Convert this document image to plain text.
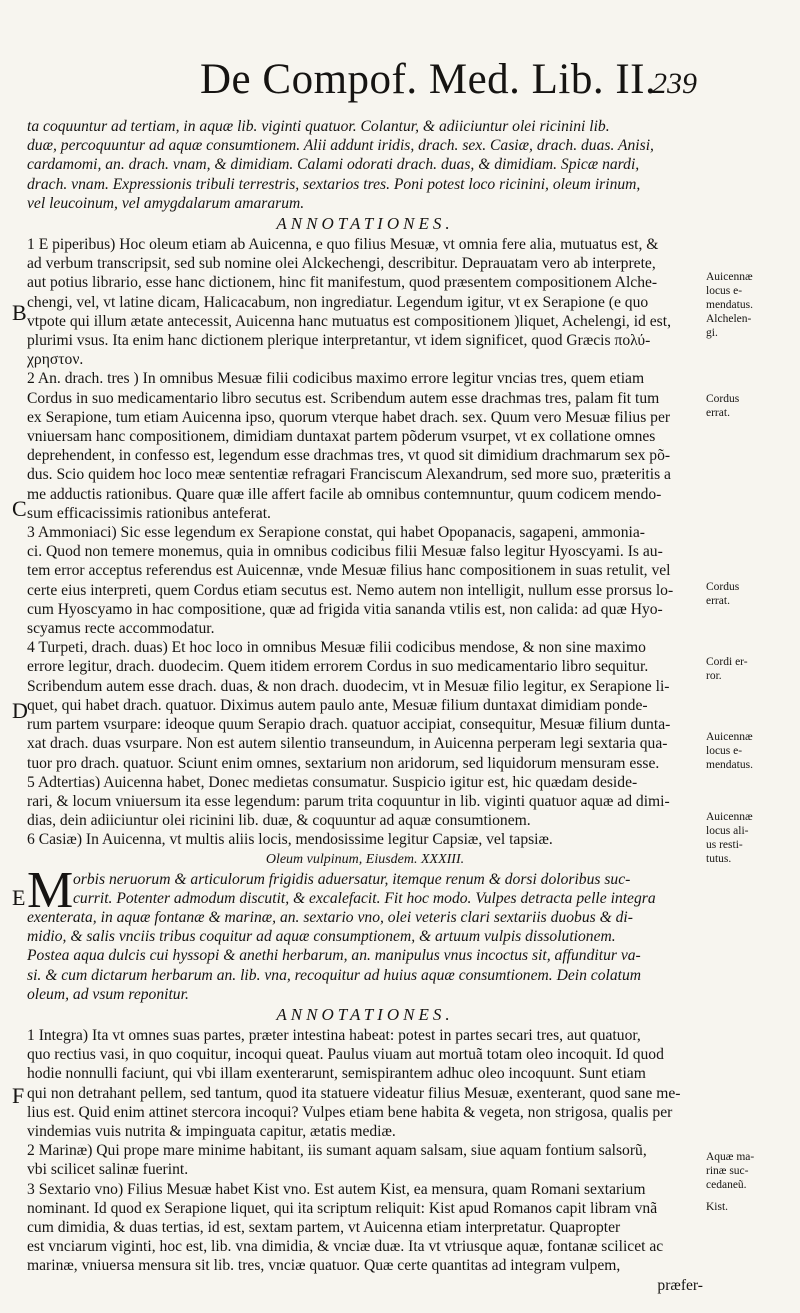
De Compof. Med. Lib. II.
239
ta coquuntur ad tertiam, in aquæ lib. viginti quatuor. Colantur, & adiiciuntur olei ricinini lib.
duæ, percoquuntur ad aquæ consumtionem. Alii addunt iridis, drach. sex. Casiæ, drach. duas. Anisi,
cardamomi, an. drach. vnam, & dimidiam. Calami odorati drach. duas, & dimidiam. Spicæ nardi,
drach. vnam. Expressionis tribuli terrestris, sextarios tres. Poni potest loco ricinini, oleum irinum,
vel leucoinum, vel amygdalarum amararum.
ANNOTATIONES.
1 E piperibus) Hoc oleum etiam ab Auicenna, e quo filius Mesuæ, vt omnia fere alia, mutuatus est, &
ad verbum transcripsit, sed sub nomine olei Alckechengi, describitur. Deprauatam vero ab interprete,
aut potius librario, esse hanc dictionem, hinc fit manifestum, quod præsentem compositionem Alche-
chengi, vel, vt latine dicam, Halicacabum, non ingrediatur. Legendum igitur, vt ex Serapione (e quo
vtpote qui illum ætate antecessit, Auicenna hanc mutuatus est compositionem )liquet, Achelengi, id est,
plurimi vsus. Ita enim hanc dictionem plerique interpretantur, vt idem significet, quod Græcis πολύ-
χρηστον.
2 An. drach. tres ) In omnibus Mesuæ filii codicibus maximo errore legitur vncias tres, quem etiam
Cordus in suo medicamentario libro secutus est. Scribendum autem esse drachmas tres, palam fit tum
ex Serapione, tum etiam Auicenna ipso, quorum vterque habet drach. sex. Quum vero Mesuæ filius per
vniuersam hanc compositionem, dimidiam duntaxat partem põderum vsurpet, vt ex collatione omnes
deprehendent, in confesso est, legendum esse drachmas tres, vt quod sit dimidium drachmarum sex põ-
dus. Scio quidem hoc loco meæ sententiæ refragari Franciscum Alexandrum, sed more suo, præteritis a
me adductis rationibus. Quare quæ ille affert facile ab omnibus contemnuntur, quum codicem mendo-
sum efficacissimis rationibus anteferat.
3 Ammoniaci) Sic esse legendum ex Serapione constat, qui habet Opopanacis, sagapeni, ammonia-
ci. Quod non temere monemus, quia in omnibus codicibus filii Mesuæ falso legitur Hyoscyami. Is au-
tem error acceptus referendus est Auicennæ, vnde Mesuæ filius hanc compositionem in suas retulit, vel
certe eius interpreti, quem Cordus etiam secutus est. Nemo autem non intelligit, nullum esse prorsus lo-
cum Hyoscyamo in hac compositione, quæ ad frigida vitia sananda vtilis est, non calida: ad quæ Hyo-
scyamus recte accommodatur.
4 Turpeti, drach. duas) Et hoc loco in omnibus Mesuæ filii codicibus mendose, & non sine maximo
errore legitur, drach. duodecim. Quem itidem errorem Cordus in suo medicamentario libro sequitur.
Scribendum autem esse drach. duas, & non drach. duodecim, vt in Mesuæ filio legitur, ex Serapione li-
quet, qui habet drach. quatuor. Diximus autem paulo ante, Mesuæ filium duntaxat dimidiam ponde-
rum partem vsurpare: ideoque quum Serapio drach. quatuor accipiat, consequitur, Mesuæ filium dunta-
xat drach. duas vsurpare. Non est autem silentio transeundum, in Auicenna perperam legi sextaria qua-
tuor pro drach. quatuor. Sciunt enim omnes, sextarium non aridorum, sed liquidorum mensuram esse.
5 Adtertias) Auicenna habet, Donec medietas consumatur. Suspicio igitur est, hic quædam deside-
rari, & locum vniuersum ita esse legendum: parum trita coquuntur in lib. viginti quatuor aquæ ad dimi-
dias, dein adiiciuntur olei ricinini lib. duæ, & coquuntur ad aquæ consumtionem.
6 Casiæ) In Auicenna, vt multis aliis locis, mendosissime legitur Capsiæ, vel tapsiæ.
Oleum vulpinum, Eiusdem. XXXIII.
M orbis neruorum & articulorum frigidis aduersatur, itemque renum & dorsi doloribus suc-
currit. Potenter admodum discutit, & excalefacit. Fit hoc modo. Vulpes detracta pelle integra
exenterata, in aquæ fontanæ & marinæ, an. sextario vno, olei veteris clari sextariis duobus & di-
midio, & salis vnciis tribus coquitur ad aquæ consumptionem, & artuum vulpis dissolutionem.
Postea aqua dulcis cui hyssopi & anethi herbarum, an. manipulus vnus incoctus sit, affunditur va-
si. & cum dictarum herbarum an. lib. vna, recoquitur ad huius aquæ consumtionem. Dein colatum
oleum, ad vsum reponitur.
ANNOTATIONES.
1 Integra) Ita vt omnes suas partes, præter intestina habeat: potest in partes secari tres, aut quatuor,
quo rectius vasi, in quo coquitur, incoqui queat. Paulus viuam aut mortuã totam oleo incoquit. Id quod
hodie nonnulli faciunt, qui vbi illam exenterarunt, semispirantem adhuc oleo incoquunt. Sunt etiam
qui non detrahant pellem, sed tantum, quod ita statuere videatur filius Mesuæ, exenterant, quod sane me-
lius est. Quid enim attinet stercora incoqui? Vulpes etiam bene habita & vegeta, non strigosa, qualis per
vindemias vuis nutrita & impinguata capitur, ætatis mediæ.
2 Marinæ) Qui prope mare minime habitant, iis sumant aquam salsam, siue aquam fontium salsorũ,
vbi scilicet salinæ fuerint.
3 Sextario vno) Filius Mesuæ habet Kist vno. Est autem Kist, ea mensura, quam Romani sextarium
nominant. Id quod ex Serapione liquet, qui ita scriptum reliquit: Kist apud Romanos capit libram vnã
cum dimidia, & duas tertias, id est, sextam partem, vt Auicenna etiam interpretatur. Quapropter
est vnciarum viginti, hoc est, lib. vna dimidia, & vnciæ duæ. Ita vt vtriusque aquæ, fontanæ scilicet ac
marinæ, vniuersa mensura sit lib. tres, vnciæ quatuor. Quæ certe quantitas ad integram vulpem,
præfer-
B
C
D
E
F
Auicennæ
locus e-
mendatus.
Alchelen-
gi.
Cordus
errat.
Cordus
errat.
Cordi er-
ror.
Auicennæ
locus e-
mendatus.
Auicennæ
locus ali-
us resti-
tutus.
Aquæ ma-
rinæ suc-
cedaneũ.
Kist.
